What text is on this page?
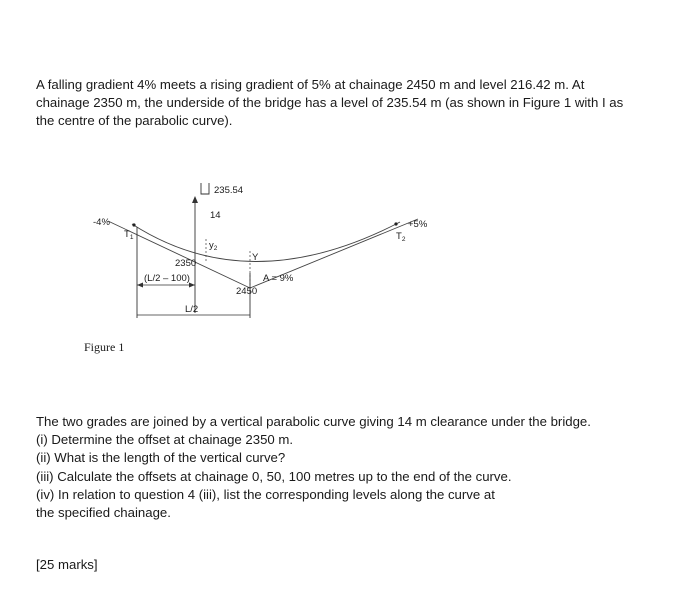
A falling gradient 4% meets a rising gradient of 5% at chainage 2450 m and level 216.42 m. At
chainage 2350 m, the underside of the bridge has a level of 235.54 m (as shown in Figure 1 with I as
the centre of the parabolic curve).
235.54
14
-4%
$T_1$	$T_2$
+5%
$y_2$
Y
2350
(L/2 – 100)	A = 9%
2450
L/2
Figure 1
The two grades are joined by a vertical parabolic curve giving 14 m clearance under the bridge.
(i) Determine the offset at chainage 2350 m.
(ii) What is the length of the vertical curve?
(iii) Calculate the offsets at chainage 0, 50, 100 metres up to the end of the curve.
(iv) In relation to question 4 (iii), list the corresponding levels along the curve at
the specified chainage.
[25 marks]
